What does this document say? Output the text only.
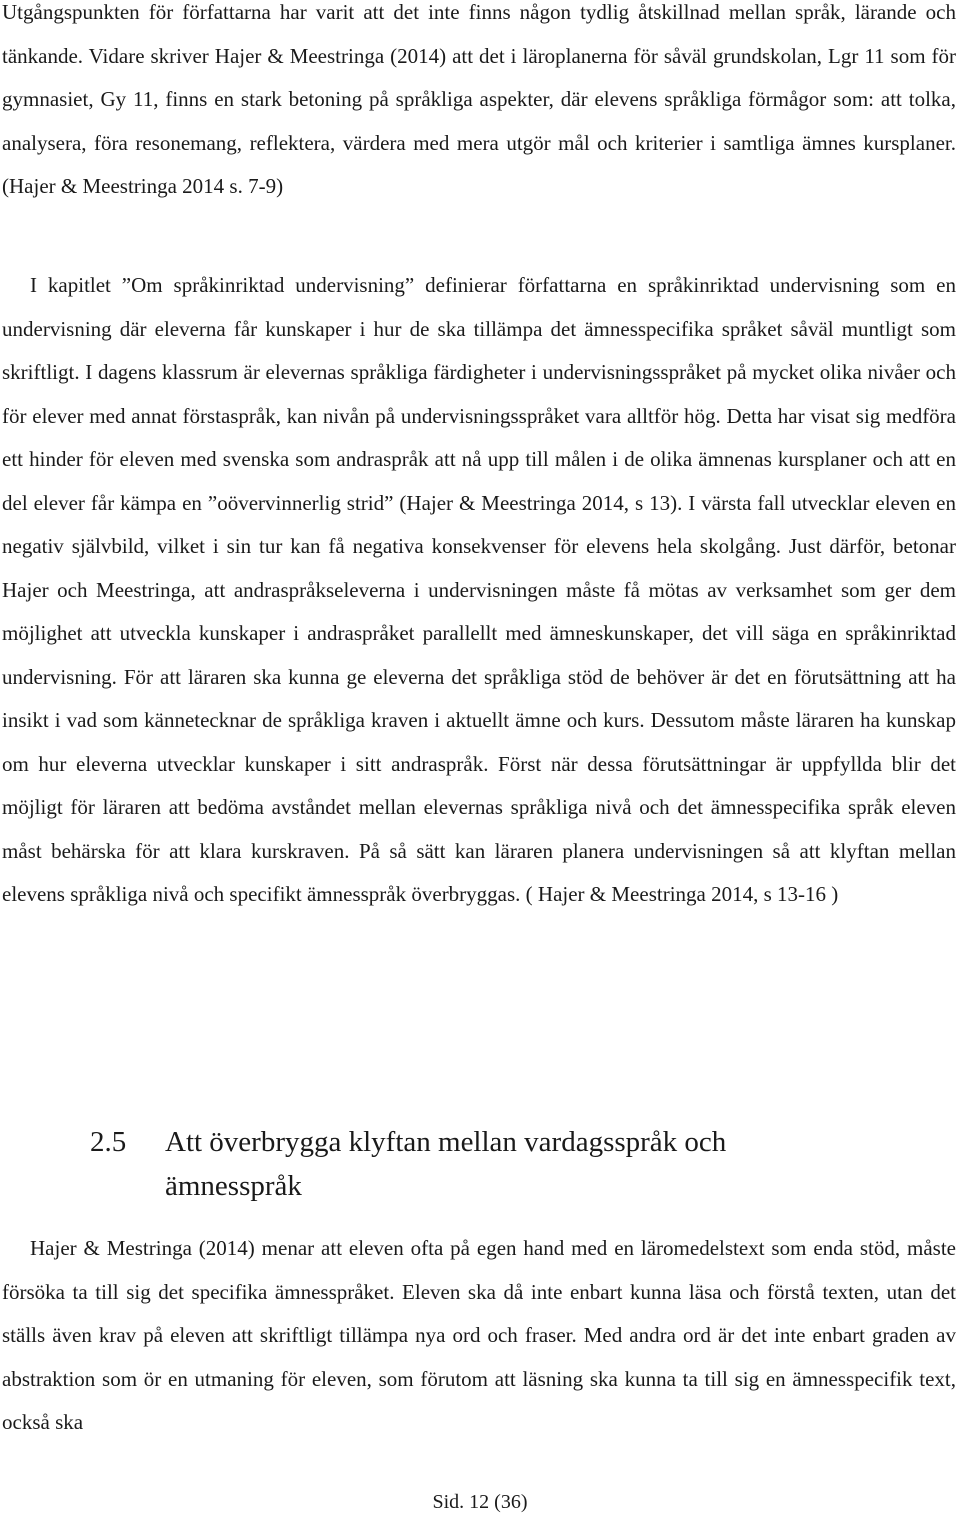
Utgångspunkten för författarna har varit att det inte finns någon tydlig åtskillnad mellan språk, lärande och tänkande. Vidare skriver Hajer & Meestringa (2014) att det i läroplanerna för såväl grundskolan, Lgr 11 som för gymnasiet, Gy 11, finns en stark betoning på språkliga aspekter, där elevens språkliga förmågor som: att tolka, analysera, föra resonemang, reflektera, värdera med mera utgör mål och kriterier i samtliga ämnes kursplaner. (Hajer & Meestringa 2014 s. 7-9)

I kapitlet ”Om språkinriktad undervisning” definierar författarna en språkinriktad undervisning som en undervisning där eleverna får kunskaper i hur de ska tillämpa det ämnesspecifika språket såväl muntligt som skriftligt. I dagens klassrum är elevernas språkliga färdigheter i undervisningsspråket på mycket olika nivåer och för elever med annat förstaspråk, kan nivån på undervisningsspråket vara alltför hög. Detta har visat sig medföra ett hinder för eleven med svenska som andraspråk att nå upp till målen i de olika ämnenas kursplaner och att en del elever får kämpa en ”oövervinnerlig strid” (Hajer & Meestringa 2014, s 13). I värsta fall utvecklar eleven en negativ självbild, vilket i sin tur kan få negativa konsekvenser för elevens hela skolgång. Just därför, betonar Hajer och Meestringa, att andraspråkseleverna i undervisningen måste få mötas av verksamhet som ger dem möjlighet att utveckla kunskaper i andraspråket parallellt med ämneskunskaper, det vill säga en språkinriktad undervisning. För att läraren ska kunna ge eleverna det språkliga stöd de behöver är det en förutsättning att ha insikt i vad som kännetecknar de språkliga kraven i aktuellt ämne och kurs. Dessutom måste läraren ha kunskap om hur eleverna utvecklar kunskaper i sitt andraspråk. Först när dessa förutsättningar är uppfyllda blir det möjligt för läraren att bedöma avståndet mellan elevernas språkliga nivå och det ämnesspecifika språk eleven måst behärska för att klara kurskraven. På så sätt kan läraren planera undervisningen så att klyftan mellan elevens språkliga nivå och specifikt ämnesspråk överbryggas. ( Hajer & Meestringa 2014, s 13-16 )

2.5 Att överbrygga klyftan mellan vardagsspråk och ämnesspråk

Hajer & Mestringa (2014) menar att eleven ofta på egen hand med en läromedelstext som enda stöd, måste försöka ta till sig det specifika ämnesspråket. Eleven ska då inte enbart kunna läsa och förstå texten, utan det ställs även krav på eleven att skriftligt tillämpa nya ord och fraser. Med andra ord är det inte enbart graden av abstraktion som ör en utmaning för eleven, som förutom att läsning ska kunna ta till sig en ämnesspecifik text, också ska

Sid. 12 (36)
